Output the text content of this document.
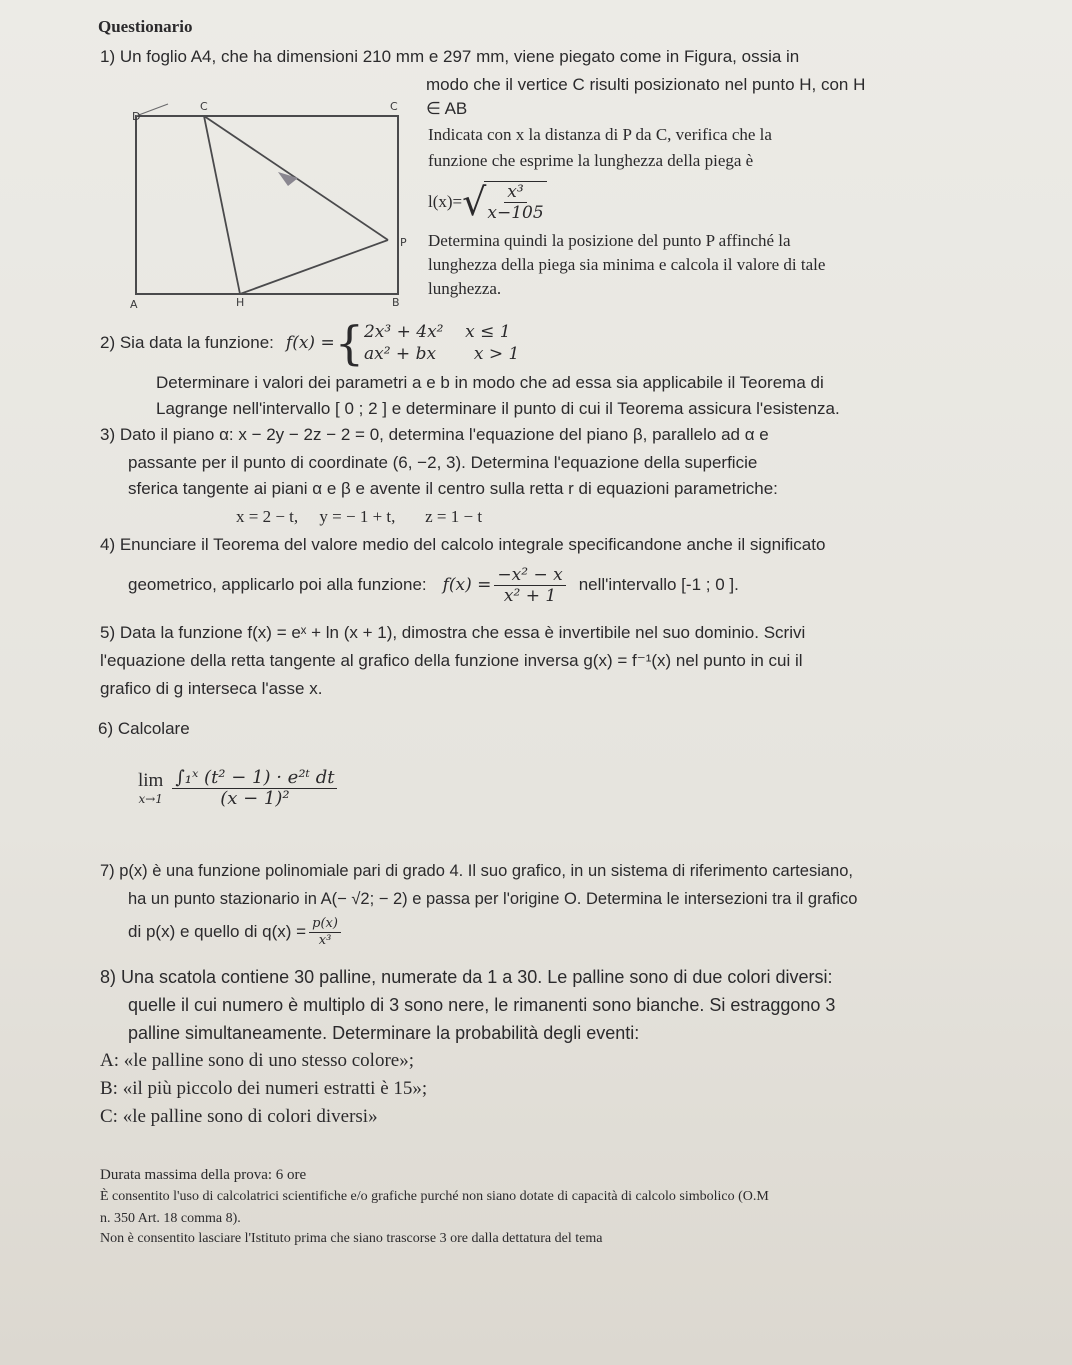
Questionario
1) Un foglio A4, che ha dimensioni 210 mm e 297 mm, viene piegato come in Figura, ossia in
D
C	C
P
A	H	B
modo che il vertice C risulti posizionato nel punto H, con H
∈ AB
Indicata con x la distanza di P da C, verifica che la
funzione che esprime la lunghezza della piega è
l(x)= √
$\frac{\text{x³}}{x-105}$
Determina quindi la posizione del punto P affinché la
lunghezza della piega sia minima e calcola il valore di tale
lunghezza.
2) Sia data la funzione: f(x) = { 2x³ + 4x²    x ≤ 1
ax² + bx       x > 1
Determinare i valori dei parametri a e b in modo che ad essa sia applicabile il Teorema di
Lagrange nell'intervallo [ 0 ; 2 ] e determinare il punto di cui il Teorema assicura l'esistenza.
3) Dato il piano α: x − 2y − 2z − 2 = 0, determina l'equazione del piano β, parallelo ad α e
passante per il punto di coordinate (6, −2, 3). Determina l'equazione della superficie
sferica tangente ai piani α e β e avente il centro sulla retta r di equazioni parametriche:
x = 2 − t,     y = − 1 + t,       z = 1 − t
4) Enunciare il Teorema del valore medio del calcolo integrale specificandone anche il significato
geometrico, applicarlo poi alla funzione: $f(x) = \frac{\text{−x² − x}}{\text{x² + 1}}$ nell'intervallo [-1 ; 0 ].
5) Data la funzione f(x) = eˣ + ln (x + 1), dimostra che essa è invertibile nel suo dominio. Scrivi
l'equazione della retta tangente al grafico della funzione inversa g(x) = f⁻¹(x) nel punto in cui il
grafico di g interseca l'asse x.
6) Calcolare
lim
$x\to 1 \frac{\text{∫₁ˣ (t² − 1) · e²ᵗ dt}}{\text{(x − 1)²}}$
7) p(x) è una funzione polinomiale pari di grado 4. Il suo grafico, in un sistema di riferimento cartesiano,
ha un punto stazionario in A(− √2; − 2) e passa per l'origine O. Determina le intersezioni tra il grafico
di p(x) e quello di $q(x) = \frac{p(x)}{\text{x³}}$
8) Una scatola contiene 30 palline, numerate da 1 a 30. Le palline sono di due colori diversi:
quelle il cui numero è multiplo di 3 sono nere, le rimanenti sono bianche. Si estraggono 3
palline simultaneamente. Determinare la probabilità degli eventi:
A: «le palline sono di uno stesso colore»;
B: «il più piccolo dei numeri estratti è 15»;
C: «le palline sono di colori diversi»
Durata massima della prova: 6 ore
È consentito l'uso di calcolatrici scientifiche e/o grafiche purché non siano dotate di capacità di calcolo simbolico (O.M
n. 350 Art. 18 comma 8).
Non è consentito lasciare l'Istituto prima che siano trascorse 3 ore dalla dettatura del tema
